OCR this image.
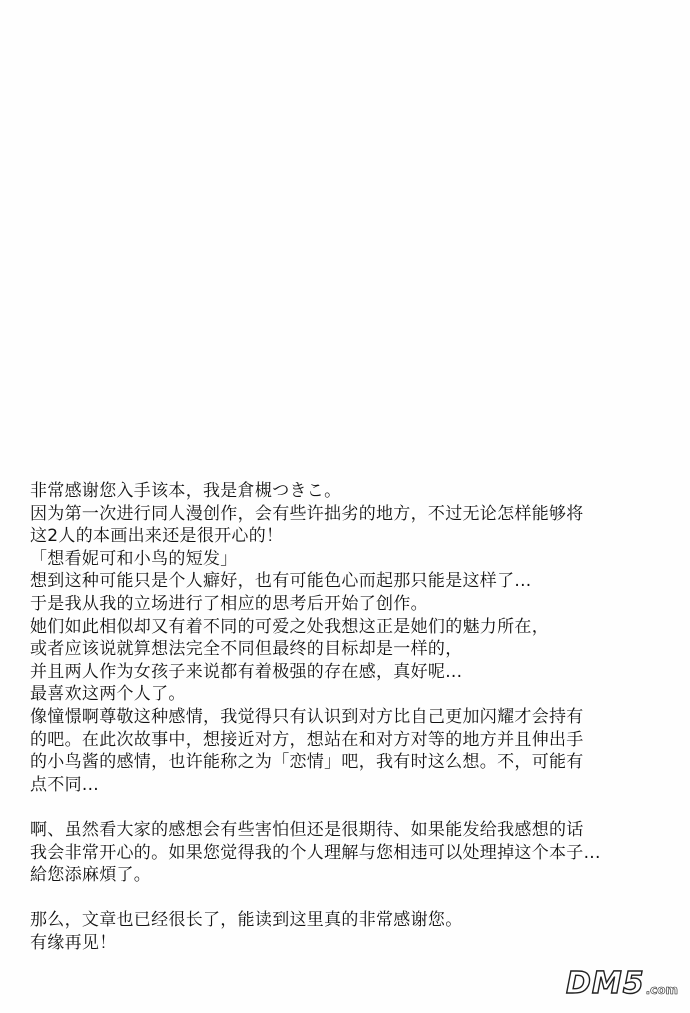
非常感谢您入手该本，我是倉槻つきこ。
因为第一次进行同人漫创作，会有些许拙劣的地方，不过无论怎样能够将
这2人的本画出来还是很开心的！
「想看妮可和小鸟的短发」
想到这种可能只是个人癖好，也有可能色心而起那只能是这样了...
于是我从我的立场进行了相应的思考后开始了创作。
她们如此相似却又有着不同的可爱之处我想这正是她们的魅力所在，
或者应该说就算想法完全不同但最终的目标却是一样的，
并且两人作为女孩子来说都有着极强的存在感，真好呢...
最喜欢这两个人了。
像憧憬啊尊敬这种感情，我觉得只有认识到对方比自己更加闪耀才会持有
的吧。在此次故事中，想接近对方，想站在和对方对等的地方并且伸出手
的小鸟酱的感情，也许能称之为「恋情」吧，我有时这么想。不，可能有
点不同...
啊、虽然看大家的感想会有些害怕但还是很期待、如果能发给我感想的话
我会非常开心的。如果您觉得我的个人理解与您相违可以处理掉这个本子...
給您添麻煩了。
那么，文章也已经很长了，能读到这里真的非常感谢您。
有缘再见！
DM5 .com
